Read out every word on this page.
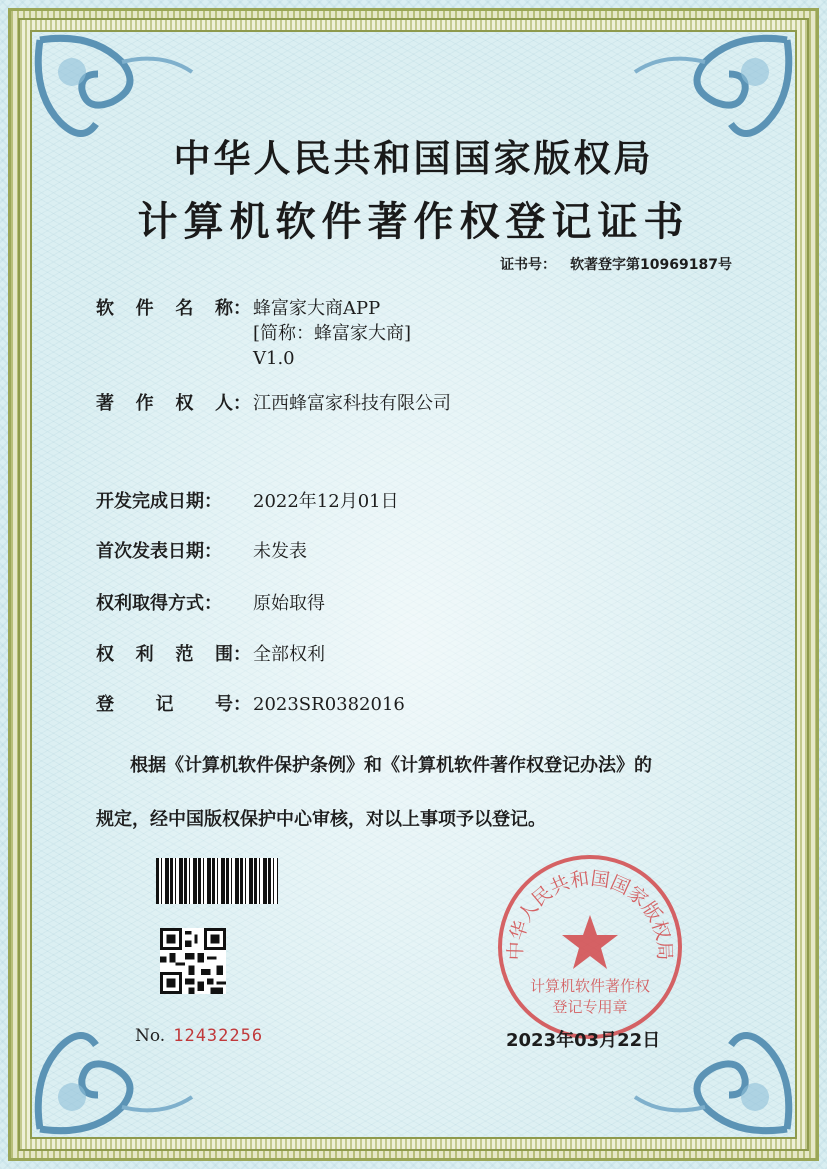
中华人民共和国国家版权局
计算机软件著作权登记证书
证书号： 软著登字第10969187号
软 件 名 称： 蜂富家大商APP
[简称：蜂富家大商]
V1.0
著 作 权 人： 江西蜂富家科技有限公司
开发完成日期：	2022年12月01日
首次发表日期：	未发表
权利取得方式：	原始取得
权 利 范 围： 全部权利
登 记 号： 2023SR0382016
根据《计算机软件保护条例》和《计算机软件著作权登记办法》的
规定，经中国版权保护中心审核，对以上事项予以登记。
中华人民共和国国家版权局
计算机软件著作权
登记专用章
No. 12432256	2023年03月22日
